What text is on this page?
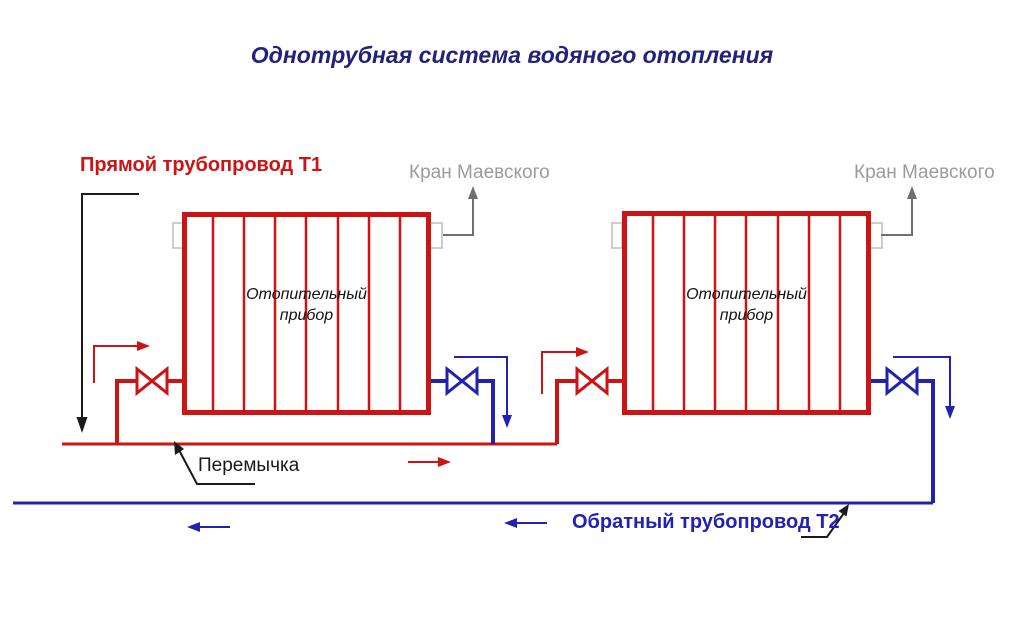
Однотрубная система водяного отопления
Прямой трубопровод Т1	Кран Маевского	Кран Маевского
Отопительный
прибор
Отопительный
прибор
Перемычка
Обратный трубопровод Т2
